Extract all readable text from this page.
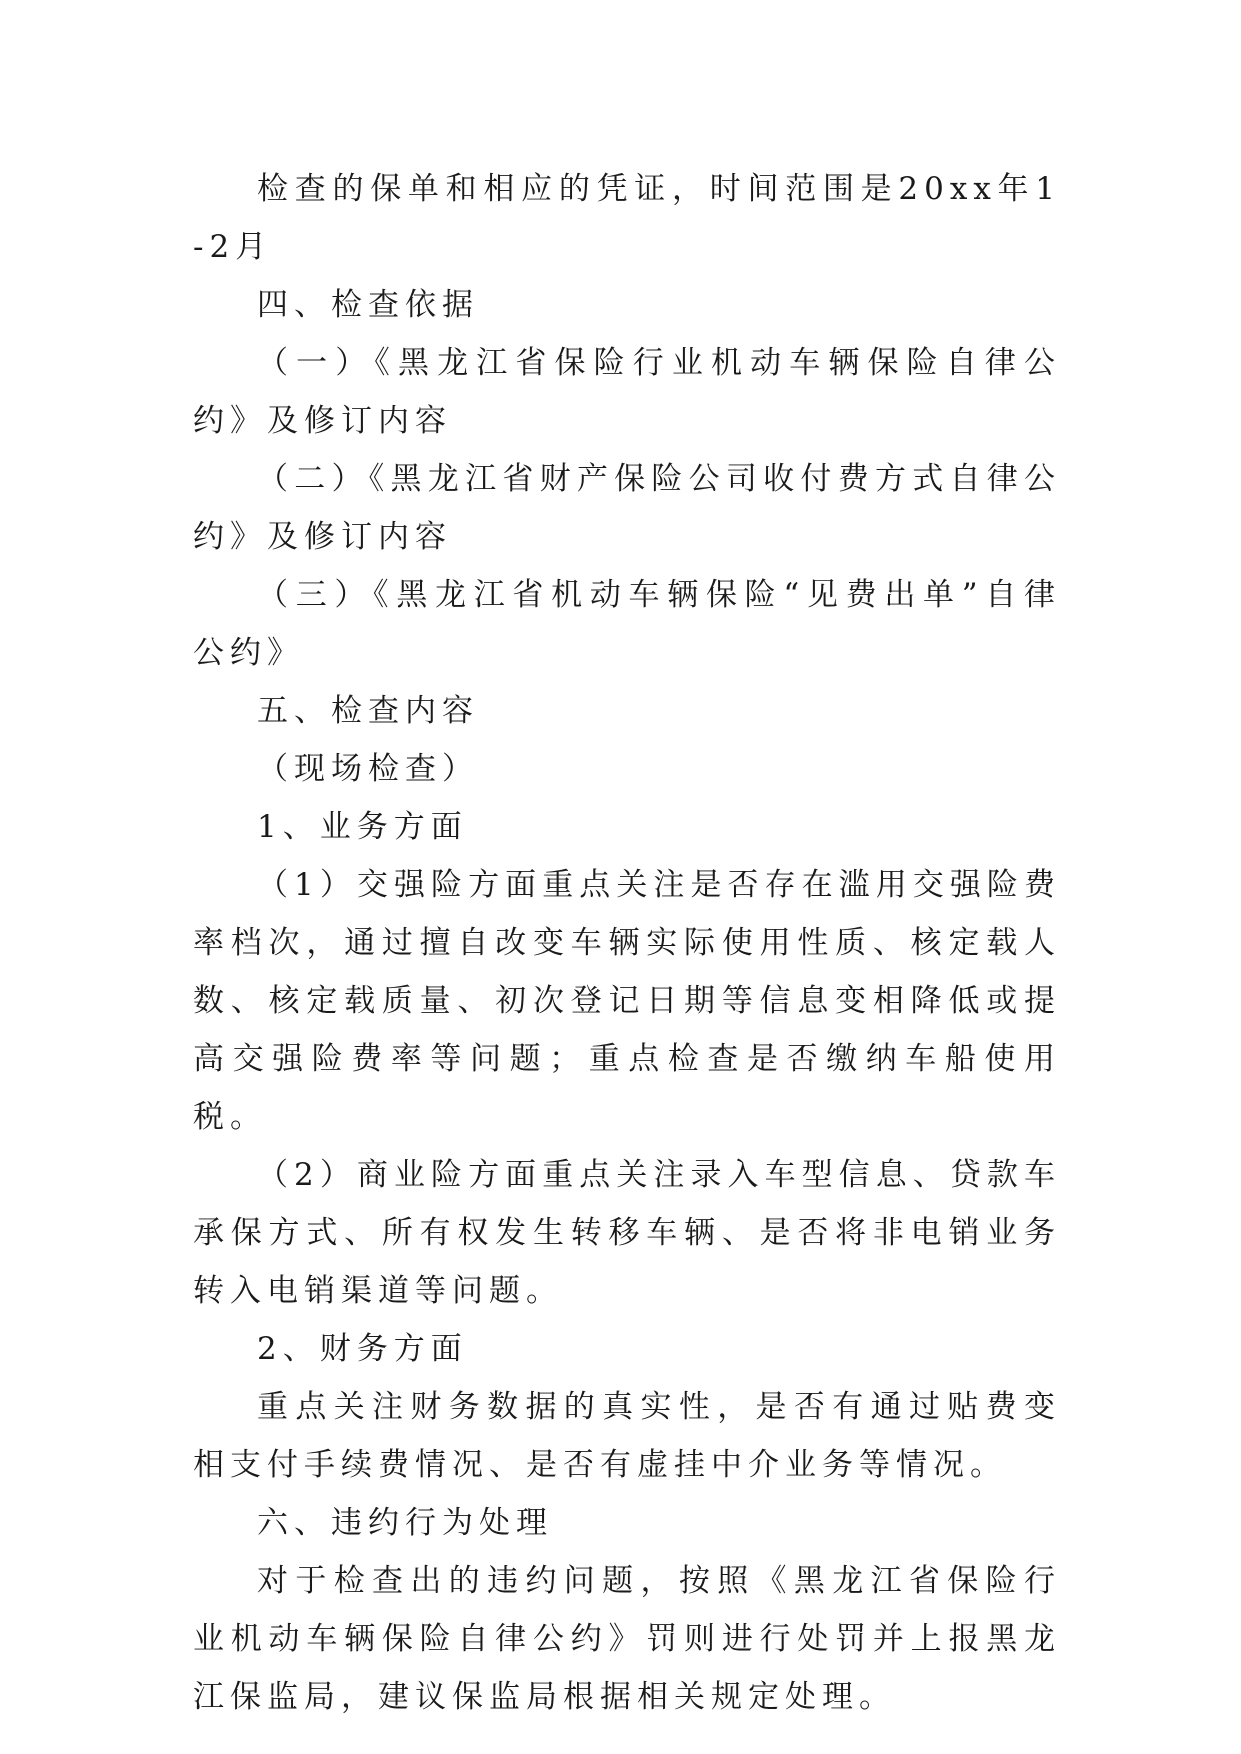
检查的保单和相应的凭证，时间范围是20xx年1-2月

四、检查依据

（一）《黑龙江省保险行业机动车辆保险自律公约》及修订内容

（二）《黑龙江省财产保险公司收付费方式自律公约》及修订内容

（三）《黑龙江省机动车辆保险“见费出单”自律公约》

五、检查内容

（现场检查）

1、业务方面

（1）交强险方面重点关注是否存在滥用交强险费率档次，通过擅自改变车辆实际使用性质、核定载人数、核定载质量、初次登记日期等信息变相降低或提高交强险费率等问题；重点检查是否缴纳车船使用税。

（2）商业险方面重点关注录入车型信息、贷款车承保方式、所有权发生转移车辆、是否将非电销业务转入电销渠道等问题。

2、财务方面

重点关注财务数据的真实性，是否有通过贴费变相支付手续费情况、是否有虚挂中介业务等情况。

六、违约行为处理

对于检查出的违约问题，按照《黑龙江省保险行业机动车辆保险自律公约》罚则进行处罚并上报黑龙江保监局，建议保监局根据相关规定处理。
